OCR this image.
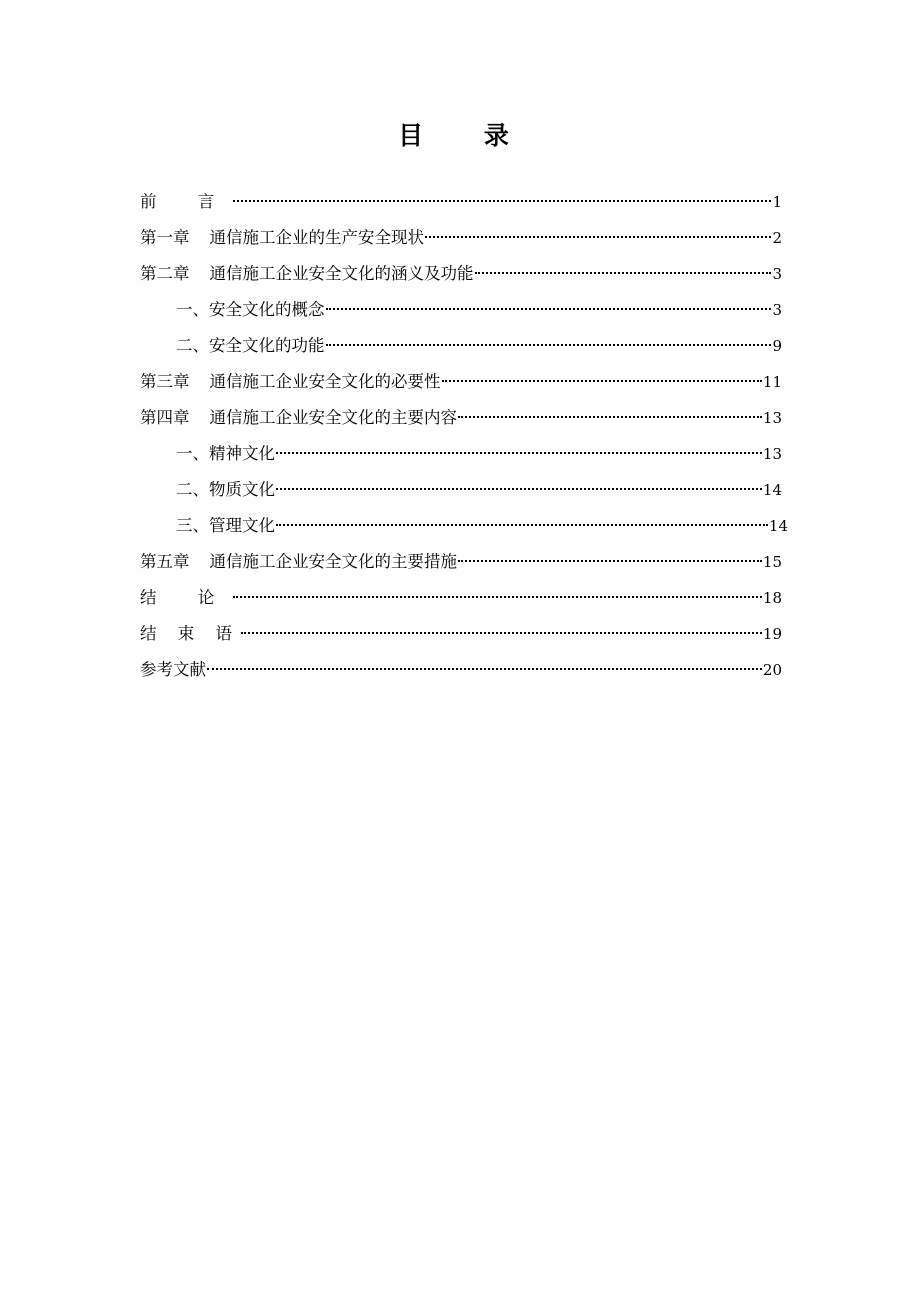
目 录
前 言	1
第一章 通信施工企业的生产安全现状	2
第二章 通信施工企业安全文化的涵义及功能	3
一、安全文化的概念	3
二、安全文化的功能	9
第三章 通信施工企业安全文化的必要性	11
第四章 通信施工企业安全文化的主要内容	13
一、精神文化	13
二、物质文化	14
三、管理文化	14
第五章 通信施工企业安全文化的主要措施	15
结 论	18
结 束 语	19
参考文献	20
